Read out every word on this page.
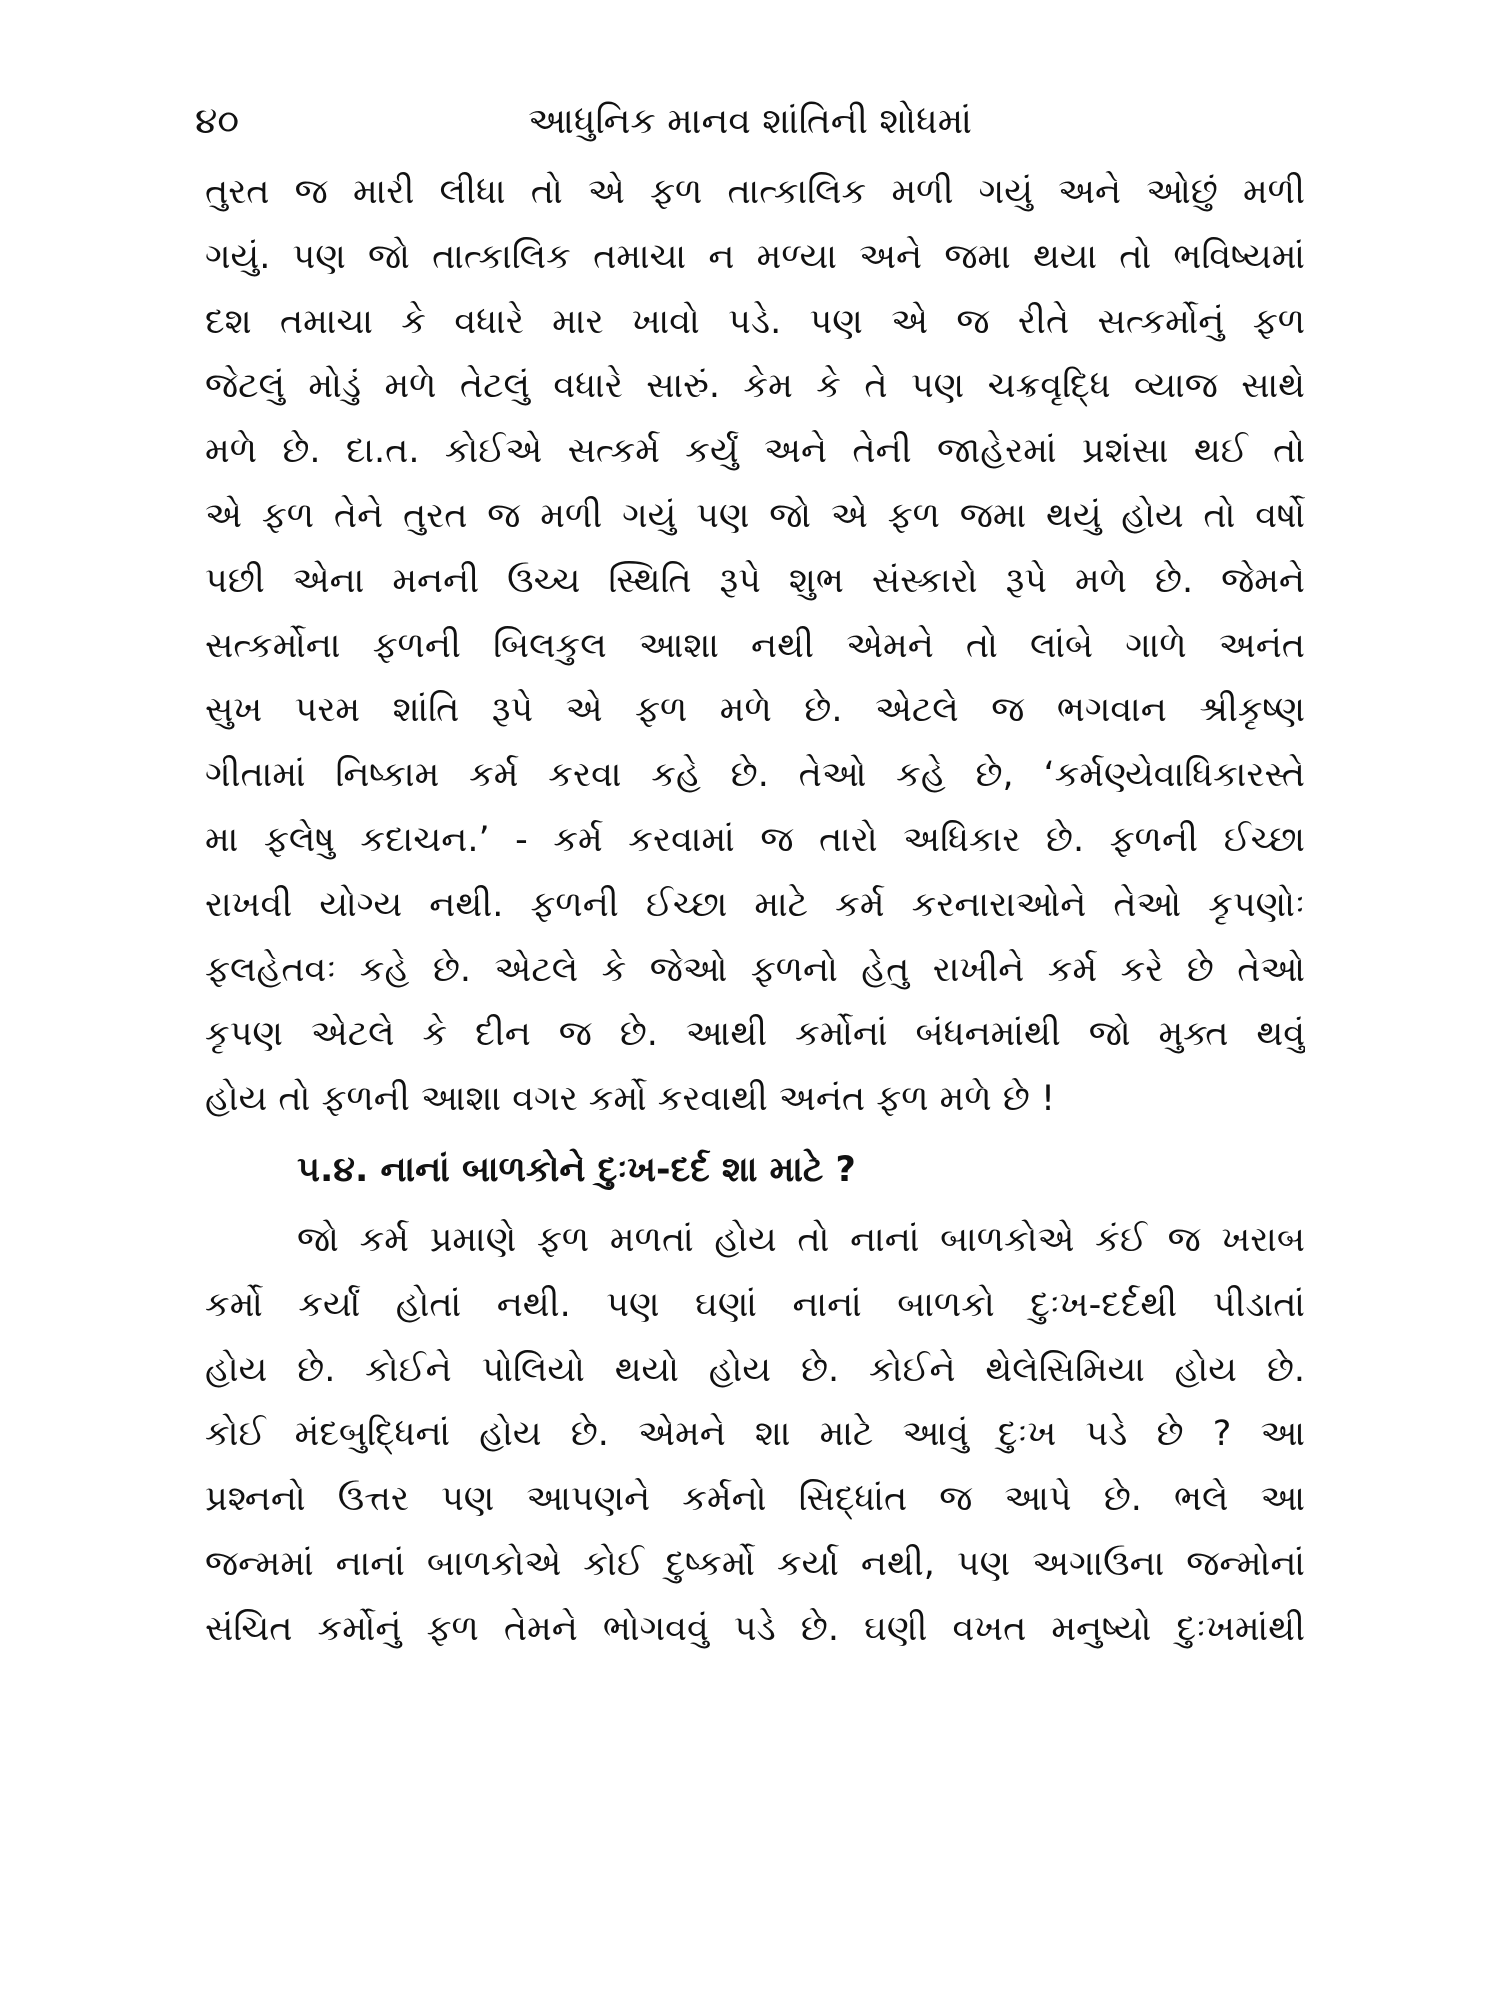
૪૦	આધુનિક માનવ શાંતિની શોધમાં
તુરત જ મારી લીધા તો એ ફળ તાત્કાલિક મળી ગયું અને ઓછું મળી
ગયું. પણ જો તાત્કાલિક તમાચા ન મળ્યા અને જમા થયા તો ભવિષ્યમાં
દશ તમાચા કે વધારે માર ખાવો પડે. પણ એ જ રીતે સત્કર્મોનું ફળ
જેટલું મોડું મળે તેટલું વધારે સારું. કેમ કે તે પણ ચક્રવૃદ્ધિ વ્યાજ સાથે
મળે છે. દા.ત. કોઈએ સત્કર્મ કર્યું અને તેની જાહેરમાં પ્રશંસા થઈ તો
એ ફળ તેને તુરત જ મળી ગયું પણ જો એ ફળ જમા થયું હોય તો વર્ષો
પછી એના મનની ઉચ્ચ સ્થિતિ રૂપે શુભ સંસ્કારો રૂપે મળે છે. જેમને
સત્કર્મોના ફળની બિલકુલ આશા નથી એમને તો લાંબે ગાળે અનંત
સુખ પરમ શાંતિ રૂપે એ ફળ મળે છે. એટલે જ ભગવાન શ્રીકૃષ્ણ
ગીતામાં નિષ્કામ કર્મ કરવા કહે છે. તેઓ કહે છે, ‘કર્મણ્યેવાધિકારસ્તે
મા ફલેષુ કદાચન.’ - કર્મ કરવામાં જ તારો અધિકાર છે. ફળની ઈચ્છા
રાખવી યોગ્ય નથી. ફળની ઈચ્છા માટે કર્મ કરનારાઓને તેઓ કૃપણોઃ
ફલહેતવઃ કહે છે. એટલે કે જેઓ ફળનો હેતુ રાખીને કર્મ કરે છે તેઓ
કૃપણ એટલે કે દીન જ છે. આથી કર્મોનાં બંધનમાંથી જો મુક્ત થવું
હોય તો ફળની આશા વગર કર્મો કરવાથી અનંત ફળ મળે છે !
૫.૪. નાનાં બાળકોને દુઃખ-દર્દ શા માટે ?
જો કર્મ પ્રમાણે ફળ મળતાં હોય તો નાનાં બાળકોએ કંઈ જ ખરાબ
કર્મો કર્યાં હોતાં નથી. પણ ઘણાં નાનાં બાળકો દુઃખ-દર્દથી પીડાતાં
હોય છે. કોઈને પોલિયો થયો હોય છે. કોઈને થેલેસિમિયા હોય છે.
કોઈ મંદબુદ્ધિનાં હોય છે. એમને શા માટે આવું દુઃખ પડે છે ? આ
પ્રશ્નનો ઉત્તર પણ આપણને કર્મનો સિદ્ધાંત જ આપે છે. ભલે આ
જન્મમાં નાનાં બાળકોએ કોઈ દુષ્કર્મો કર્યા નથી, પણ અગાઉના જન્મોનાં
સંચિત કર્મોનું ફળ તેમને ભોગવવું પડે છે. ઘણી વખત મનુષ્યો દુઃખમાંથી
